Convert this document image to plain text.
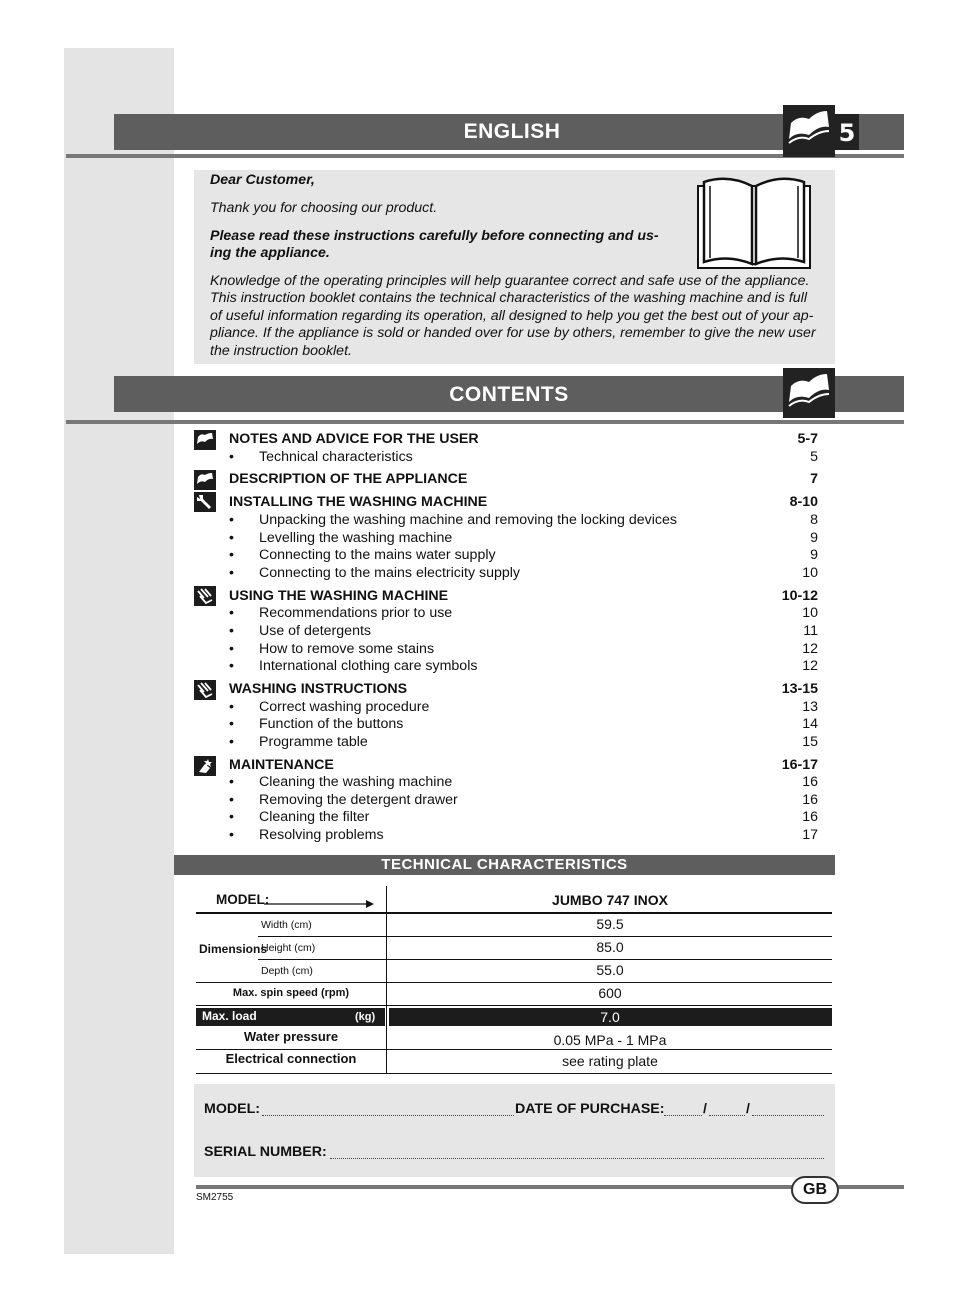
ENGLISH	5

Dear Customer,

Thank you for choosing our product.

Please read these instructions carefully before connecting and us-

ing the appliance.

Knowledge of the operating principles will help guarantee correct and safe use of the appliance.

This instruction booklet contains the technical characteristics of the washing machine and is full

of useful information regarding its operation, all designed to help you get the best out of your ap-

pliance. If the appliance is sold or handed over for use by others, remember to give the new user

the instruction booklet.

CONTENTS
NOTES AND ADVICE FOR THE USER	5-7
• Technical characteristics	5
DESCRIPTION OF THE APPLIANCE	7
INSTALLING THE WASHING MACHINE	8-10
• Unpacking the washing machine and removing the locking devices	8
• Levelling the washing machine	9
• Connecting to the mains water supply	9
• Connecting to the mains electricity supply	10
USING THE WASHING MACHINE	10-12
• Recommendations prior to use	10
• Use of detergents	11
• How to remove some stains	12
• International clothing care symbols	12
WASHING INSTRUCTIONS	13-15
• Correct washing procedure	13
• Function of the buttons	14
• Programme table	15
MAINTENANCE	16-17
• Cleaning the washing machine	16
• Removing the detergent drawer	16
• Cleaning the filter	16
• Resolving problems	17
TECHNICAL CHARACTERISTICS
MODEL:	JUMBO 747 INOX
Dimensions
Width (cm)	59.5
Height (cm)	85.0
Depth (cm)	55.0
Max. spin speed (rpm)	600
Max. load	(kg)	7.0
Water pressure	0.05 MPa - 1 MPa
Electrical connection	see rating plate
MODEL:	DATE OF PURCHASE:	/	/
SERIAL NUMBER:
GB
SM2755
